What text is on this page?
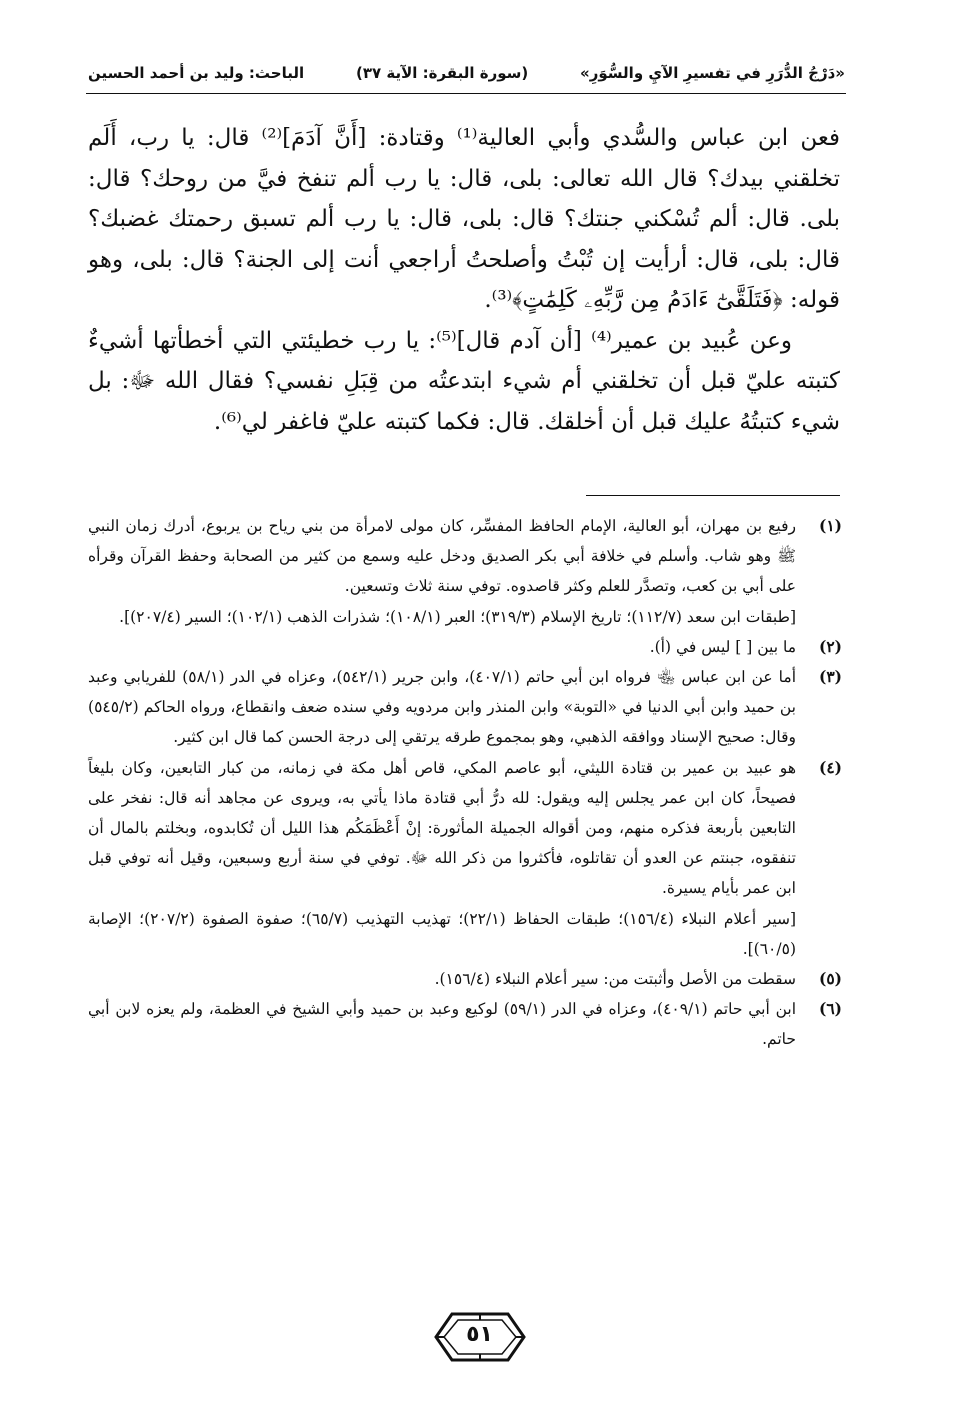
«دَرْجُ الدُّرَرِ في تفسيرِ الآيِ والسُّوَرِ»
(سورة البقرة: الآية ٣٧)
الباحث: وليد بن أحمد الحسين

فعن ابن عباس والسُّدي وأبي العالية⁽¹⁾ وقتادة: [أَنَّ آدَمَ]⁽²⁾ قال: يا رب، أَلَم تخلقني بيدك؟ قال الله تعالى: بلى، قال: يا رب ألم تنفخ فيَّ من روحك؟ قال: بلى. قال: ألم تُسْكني جنتك؟ قال: بلى، قال: يا رب ألم تسبق رحمتك غضبك؟ قال: بلى، قال: أرأيت إن تُبْتُ وأصلحتُ أراجعي أنت إلى الجنة؟ قال: بلى، وهو قوله: ﴿فَتَلَقَّىٰٓ ءَادَمُ مِن رَّبِّهِۦ كَلِمَٰتٍ﴾⁽³⁾.

وعن عُبيد بن عمير⁽⁴⁾ [أن آدم قال]⁽⁵⁾: يا رب خطيئتي التي أخطأتها أشيءٌ كتبته عليّ قبل أن تخلقني أم شيء ابتدعتُه من قِبَلِ نفسي؟ فقال الله ﷻ: بل شيء كتبتُهُ عليك قبل أن أخلقك. قال: فكما كتبته عليّ فاغفر لي⁽⁶⁾.

(١)

رفيع بن مهران، أبو العالية، الإمام الحافظ المفسِّر، كان مولى لامرأة من بني رياح بن يربوع، أدرك زمان النبي ﷺ وهو شاب. وأسلم في خلافة أبي بكر الصديق ودخل عليه وسمع من كثير من الصحابة وحفظ القرآن وقرأه على أبي بن كعب، وتصدَّر للعلم وكثر قاصدوه. توفي سنة ثلاث وتسعين.

[طبقات ابن سعد (١١٢/٧)؛ تاريخ الإسلام (٣١٩/٣)؛ العبر (١٠٨/١)؛ شذرات الذهب (١٠٢/١)؛ السير (٢٠٧/٤)].

(٢)

ما بين [ ] ليس في (أ).

(٣)

أما عن ابن عباس ﵄ فرواه ابن أبي حاتم (٤٠٧/١)، وابن جرير (٥٤٢/١)، وعزاه في الدر (٥٨/١) للفريابي وعبد بن حميد وابن أبي الدنيا في «التوبة» وابن المنذر وابن مردويه وفي سنده ضعف وانقطاع، ورواه الحاكم (٥٤٥/٢) وقال: صحيح الإسناد ووافقه الذهبي، وهو بمجموع طرقه يرتقي إلى درجة الحسن كما قال ابن كثير.

(٤)

هو عبيد بن عمير بن قتادة الليثي، أبو عاصم المكي، قاص أهل مكة في زمانه، من كبار التابعين، وكان بليغاً فصيحاً، كان ابن عمر يجلس إليه ويقول: لله درُّ أبي قتادة ماذا يأتي به، ويروى عن مجاهد أنه قال: نفخر على التابعين بأربعة فذكره منهم، ومن أقواله الجميلة المأثورة: إنْ أَعْظَمَكُم هذا الليل أن تُكابدوه، وبخلتم بالمال أن تنفقوه، جبنتم عن العدو أن تقاتلوه، فأكثروا من ذكر الله ﷻ. توفي في سنة أربع وسبعين، وقيل أنه توفي قبل ابن عمر بأيام يسيرة.

[سير أعلام النبلاء (١٥٦/٤)؛ طبقات الحفاظ (٢٢/١)؛ تهذيب التهذيب (٦٥/٧)؛ صفوة الصفوة (٢٠٧/٢)؛ الإصابة (٦٠/٥)].

(٥)

سقطت من الأصل وأثبتت من: سير أعلام النبلاء (١٥٦/٤).

(٦)

ابن أبي حاتم (٤٠٩/١)، وعزاه في الدر (٥٩/١) لوكيع وعبد بن حميد وأبي الشيخ في العظمة، ولم يعزه لابن أبي حاتم.

٥١
